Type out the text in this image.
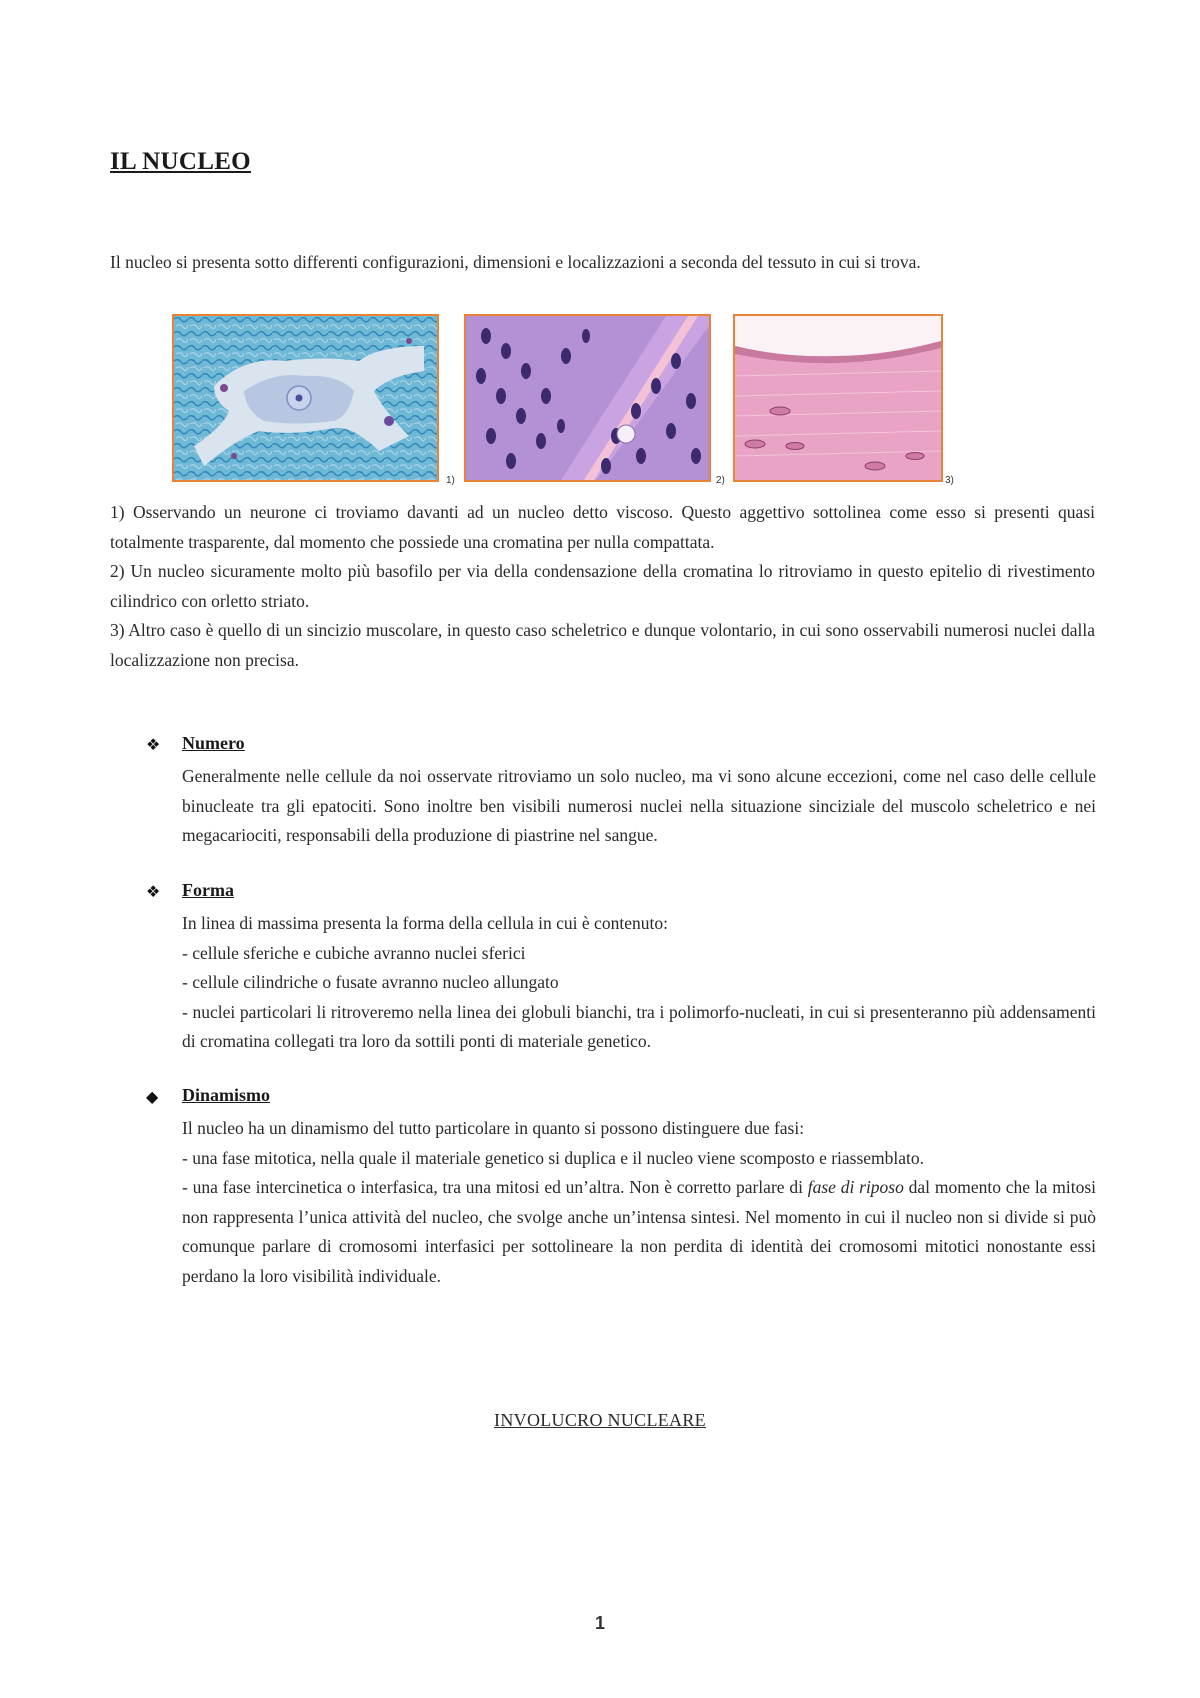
IL NUCLEO
Il nucleo si presenta sotto differenti configurazioni, dimensioni e localizzazioni a seconda del tessuto in cui si trova.
1)	2)	3)
1) Osservando un neurone ci troviamo davanti ad un nucleo detto viscoso. Questo aggettivo sottolinea come esso si presenti quasi totalmente trasparente, dal momento che possiede una cromatina per nulla compattata.
2) Un nucleo sicuramente molto più basofilo per via della condensazione della cromatina lo ritroviamo in questo epitelio di rivestimento cilindrico con orletto striato.
3) Altro caso è quello di un sincizio muscolare, in questo caso scheletrico e dunque volontario, in cui sono osservabili numerosi nuclei dalla localizzazione non precisa.
❖ Numero

Generalmente nelle cellule da noi osservate ritroviamo un solo nucleo, ma vi sono alcune eccezioni, come nel caso delle cellule binucleate tra gli epatociti. Sono inoltre ben visibili numerosi nuclei nella situazione sinciziale del muscolo scheletrico e nei megacariociti, responsabili della produzione di piastrine nel sangue.

❖ Forma

In linea di massima presenta la forma della cellula in cui è contenuto:

- cellule sferiche e cubiche avranno nuclei sferici

- cellule cilindriche o fusate avranno nucleo allungato

- nuclei particolari li ritroveremo nella linea dei globuli bianchi, tra i polimorfo-nucleati, in cui si presenteranno più addensamenti di cromatina collegati tra loro da sottili ponti di materiale genetico.

◆ Dinamismo

Il nucleo ha un dinamismo del tutto particolare in quanto si possono distinguere due fasi:

- una fase mitotica, nella quale il materiale genetico si duplica e il nucleo viene scomposto e riassemblato.

- una fase intercinetica o interfasica, tra una mitosi ed un’altra. Non è corretto parlare di fase di riposo dal momento che la mitosi non rappresenta l’unica attività del nucleo, che svolge anche un’intensa sintesi. Nel momento in cui il nucleo non si divide si può comunque parlare di cromosomi interfasici per sottolineare la non perdita di identità dei cromosomi mitotici nonostante essi perdano la loro visibilità individuale.

INVOLUCRO NUCLEARE
1
